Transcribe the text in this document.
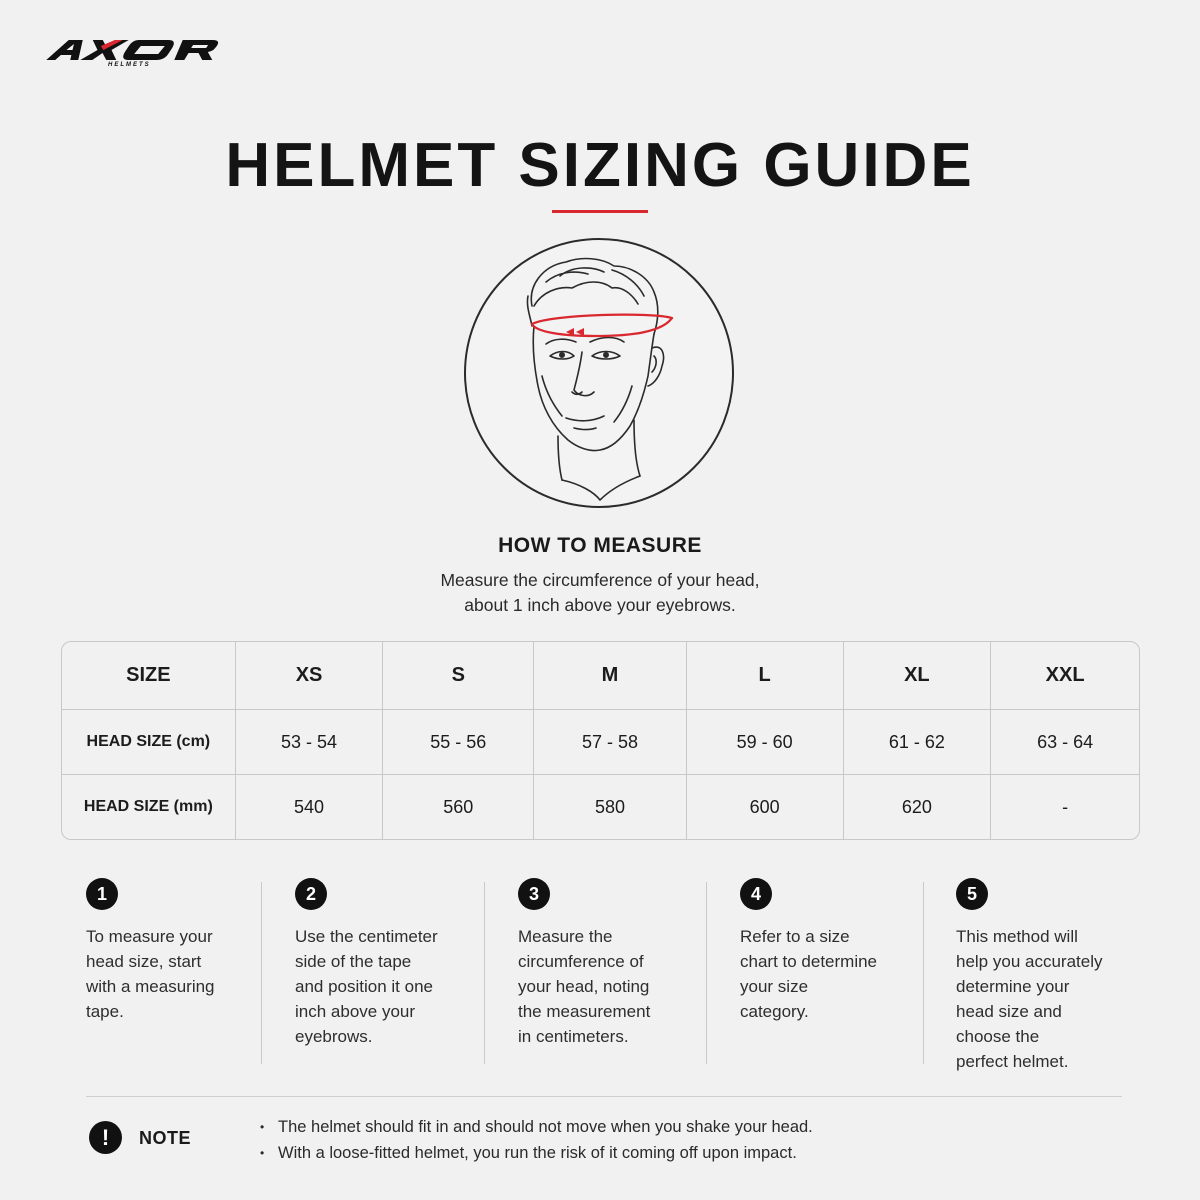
HELMETS
HELMET SIZING GUIDE
HOW TO MEASURE

Measure the circumference of your head,
about 1 inch above your eyebrows.

SIZE	XS	S	M	L	XL	XXL
HEAD SIZE (cm)	53 - 54	55 - 56	57 - 58	59 - 60	61 - 62	63 - 64
HEAD SIZE (mm)	540	560	580	600	620	-
1
To measure your
head size, start
with a measuring
tape.
2
Use the centimeter
side of the tape
and position it one
inch above your
eyebrows.
3
Measure the
circumference of
your head, noting
the measurement
in centimeters.
4
Refer to a size
chart to determine
your size
category.
5
This method will
help you accurately
determine your
head size and
choose the
perfect helmet.
!	NOTE
• The helmet should fit in and should not move when you shake your head.
• With a loose-fitted helmet, you run the risk of it coming off upon impact.
